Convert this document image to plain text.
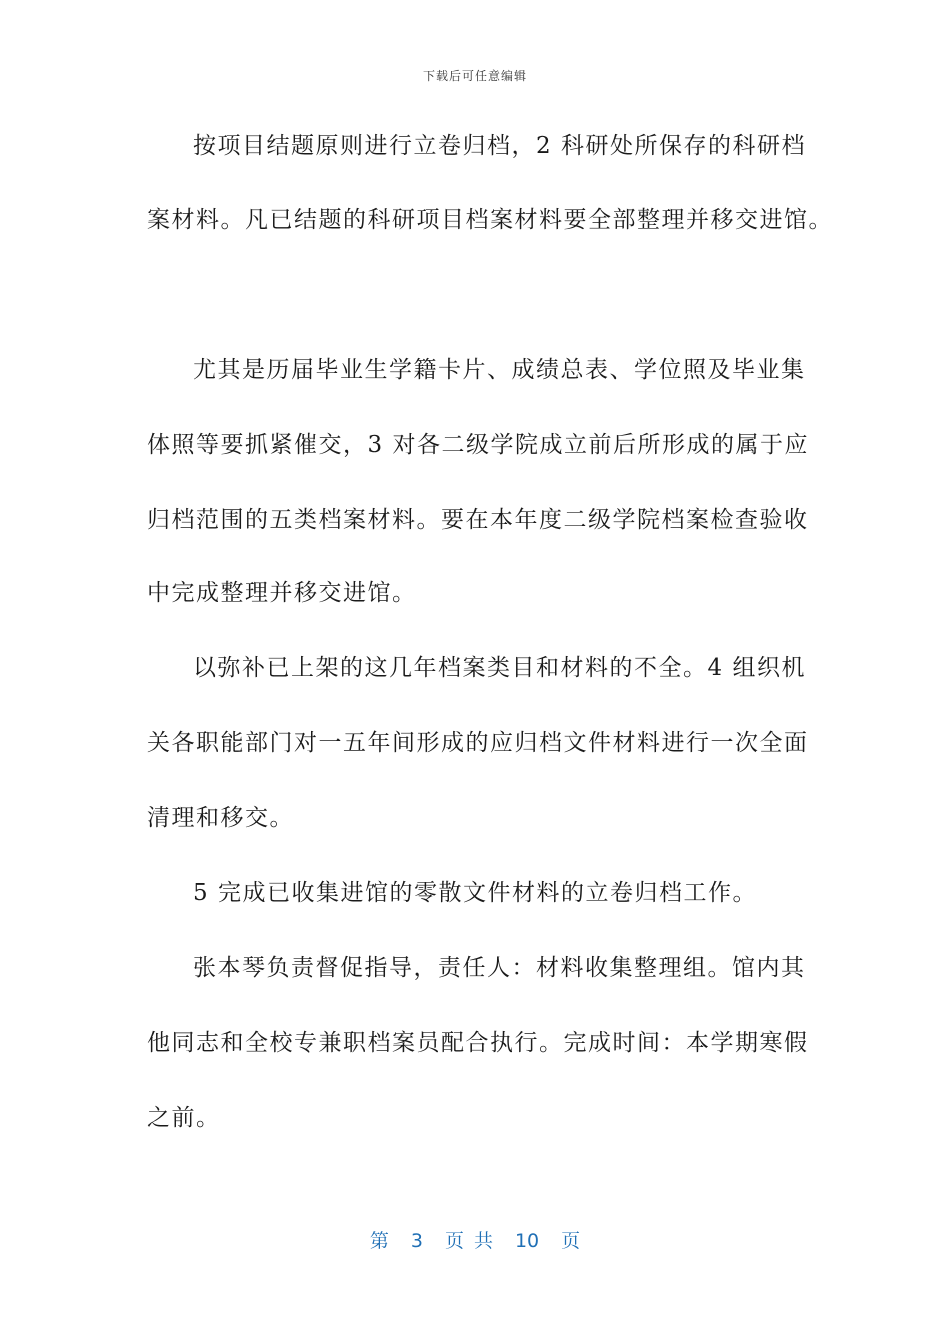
下载后可任意编辑
按项目结题原则进行立卷归档，2 科研处所保存的科研档
案材料。凡已结题的科研项目档案材料要全部整理并移交进馆。
尤其是历届毕业生学籍卡片、成绩总表、学位照及毕业集
体照等要抓紧催交，3 对各二级学院成立前后所形成的属于应
归档范围的五类档案材料。要在本年度二级学院档案检查验收
中完成整理并移交进馆。
以弥补已上架的这几年档案类目和材料的不全。4 组织机
关各职能部门对一五年间形成的应归档文件材料进行一次全面
清理和移交。
5 完成已收集进馆的零散文件材料的立卷归档工作。
张本琴负责督促指导，责任人：材料收集整理组。馆内其
他同志和全校专兼职档案员配合执行。完成时间：本学期寒假
之前。
第 3 页 共 10 页
